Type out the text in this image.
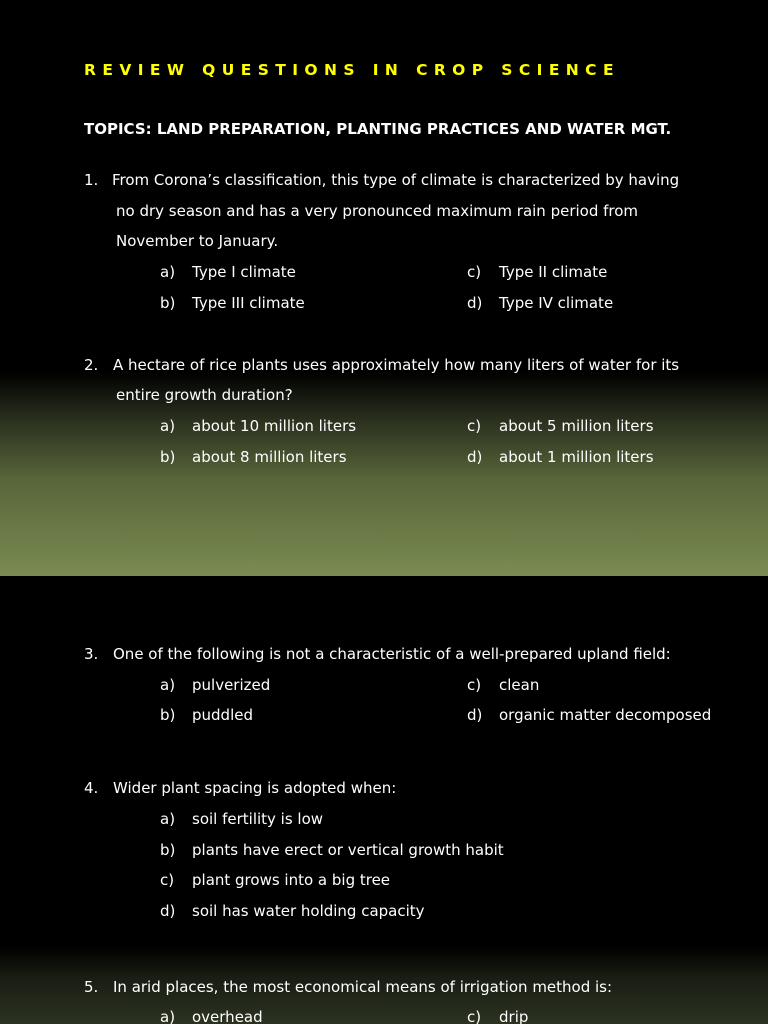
REVIEW QUESTIONS IN CROP SCIENCE
TOPICS: LAND PREPARATION, PLANTING PRACTICES AND WATER MGT.
1. From Corona’s classification, this type of climate is characterized by having
no dry season and has a very pronounced maximum rain period from
November to January.
a) Type I climate	c) Type II climate
b) Type III climate	d) Type IV climate
2. A hectare of rice plants uses approximately how many liters of water for its
entire growth duration?
a) about 10 million liters	c) about 5 million liters
b) about 8 million liters	d) about 1 million liters
3. One of the following is not a characteristic of a well-prepared upland field:
a) pulverized	c) clean
b) puddled	d) organic matter decomposed
4. Wider plant spacing is adopted when:
a) soil fertility is low
b) plants have erect or vertical growth habit
c) plant grows into a big tree
d) soil has water holding capacity
5. In arid places, the most economical means of irrigation method is:
a) overhead	c) drip
